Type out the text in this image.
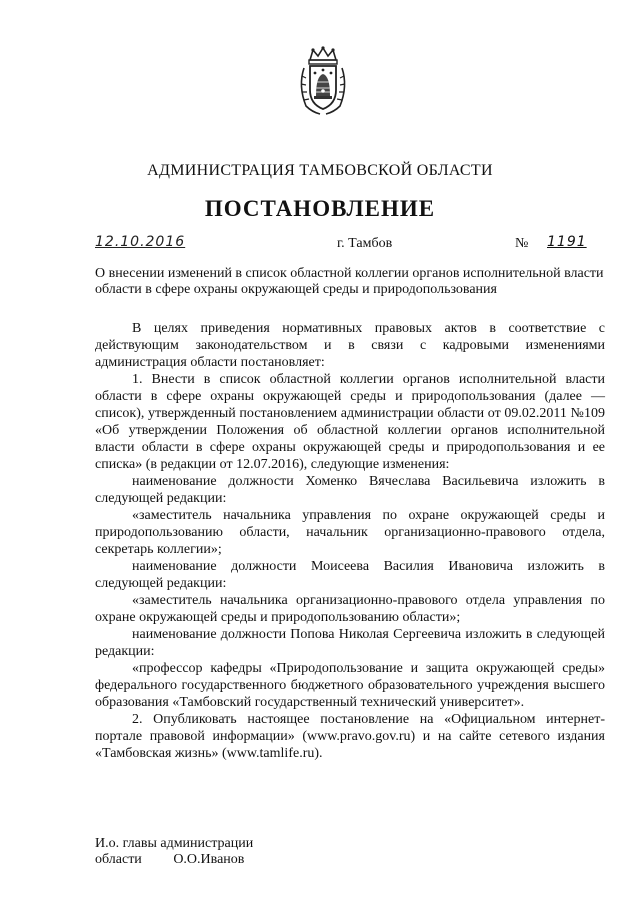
АДМИНИСТРАЦИЯ ТАМБОВСКОЙ ОБЛАСТИ
ПОСТАНОВЛЕНИЕ
12.10.2016	г. Тамбов	№ 1191
О внесении изменений в список областной коллегии органов исполнительной власти области в сфере охраны окружающей среды и природопользования

В целях приведения нормативных правовых актов в соответствие с действующим законодательством и в связи с кадровыми изменениями администрация области постановляет:

1. Внести в список областной коллегии органов исполнительной власти области в сфере охраны окружающей среды и природопользования (далее — список), утвержденный постановлением администрации области от 09.02.2011 №109 «Об утверждении Положения об областной коллегии органов исполнительной власти области в сфере охраны окружающей среды и природопользования и ее списка» (в редакции от 12.07.2016), следующие изменения:

наименование должности Хоменко Вячеслава Васильевича изложить в следующей редакции:

«заместитель начальника управления по охране окружающей среды и природопользованию области, начальник организационно-правового отдела, секретарь коллегии»;

наименование должности Моисеева Василия Ивановича изложить в следующей редакции:

«заместитель начальника организационно-правового отдела управления по охране окружающей среды и природопользованию области»;

наименование должности Попова Николая Сергеевича изложить в следующей редакции:

«профессор кафедры «Природопользование и защита окружающей среды» федерального государственного бюджетного образовательного учреждения высшего образования «Тамбовский государственный технический университет».

2. Опубликовать настоящее постановление на «Официальном интернет-портале правовой информации» (www.pravo.gov.ru) и на сайте сетевого издания «Тамбовская жизнь» (www.tamlife.ru).

И.о. главы администрации
области О.О.Иванов
